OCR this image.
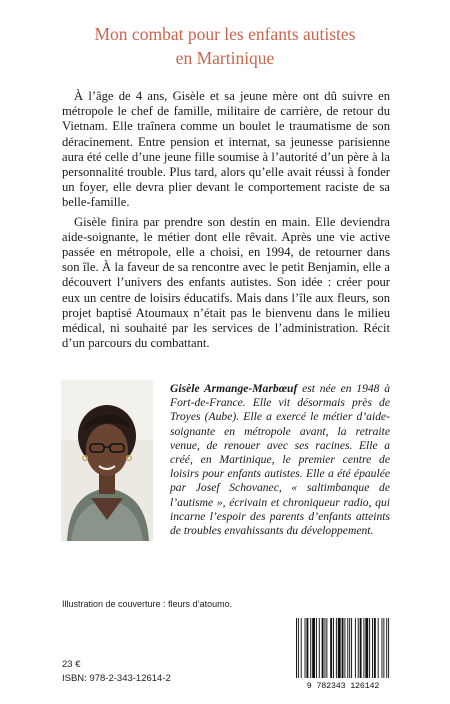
Mon combat pour les enfants autistes
en Martinique

À l’âge de 4 ans, Gisèle et sa jeune mère ont dû suivre en métropole le chef de famille, militaire de carrière, de retour du Vietnam. Elle traînera comme un boulet le traumatisme de son déracinement. Entre pension et internat, sa jeunesse parisienne aura été celle d’une jeune fille soumise à l’autorité d’un père à la personnalité trouble. Plus tard, alors qu’elle avait réussi à fonder un foyer, elle devra plier devant le comportement raciste de sa belle-famille.

Gisèle finira par prendre son destin en main. Elle deviendra aide-soignante, le métier dont elle rêvait. Après une vie active passée en métropole, elle a choisi, en 1994, de retourner dans son île. À la faveur de sa rencontre avec le petit Benjamin, elle a découvert l’univers des enfants autistes. Son idée : créer pour eux un centre de loisirs éducatifs. Mais dans l’île aux fleurs, son projet baptisé Atoumaux n’était pas le bienvenu dans le milieu médical, ni souhaité par les services de l’administration. Récit d’un parcours du combattant.

Gisèle Armange-Marbœuf est née en 1948 à Fort-de-France. Elle vit désormais près de Troyes (Aube). Elle a exercé le métier d’aide-soignante en métropole avant, la retraite venue, de renouer avec ses racines. Elle a créé, en Martinique, le premier centre de loisirs pour enfants autistes. Elle a été épaulée par Josef Schovanec, « saltimbanque de l’autisme », écrivain et chroniqueur radio, qui incarne l’espoir des parents d’enfants atteints de troubles envahissants du développement.
Illustration de couverture : fleurs d’atoumo.
23 €
ISBN: 978-2-343-12614-2
9 782343 126142
